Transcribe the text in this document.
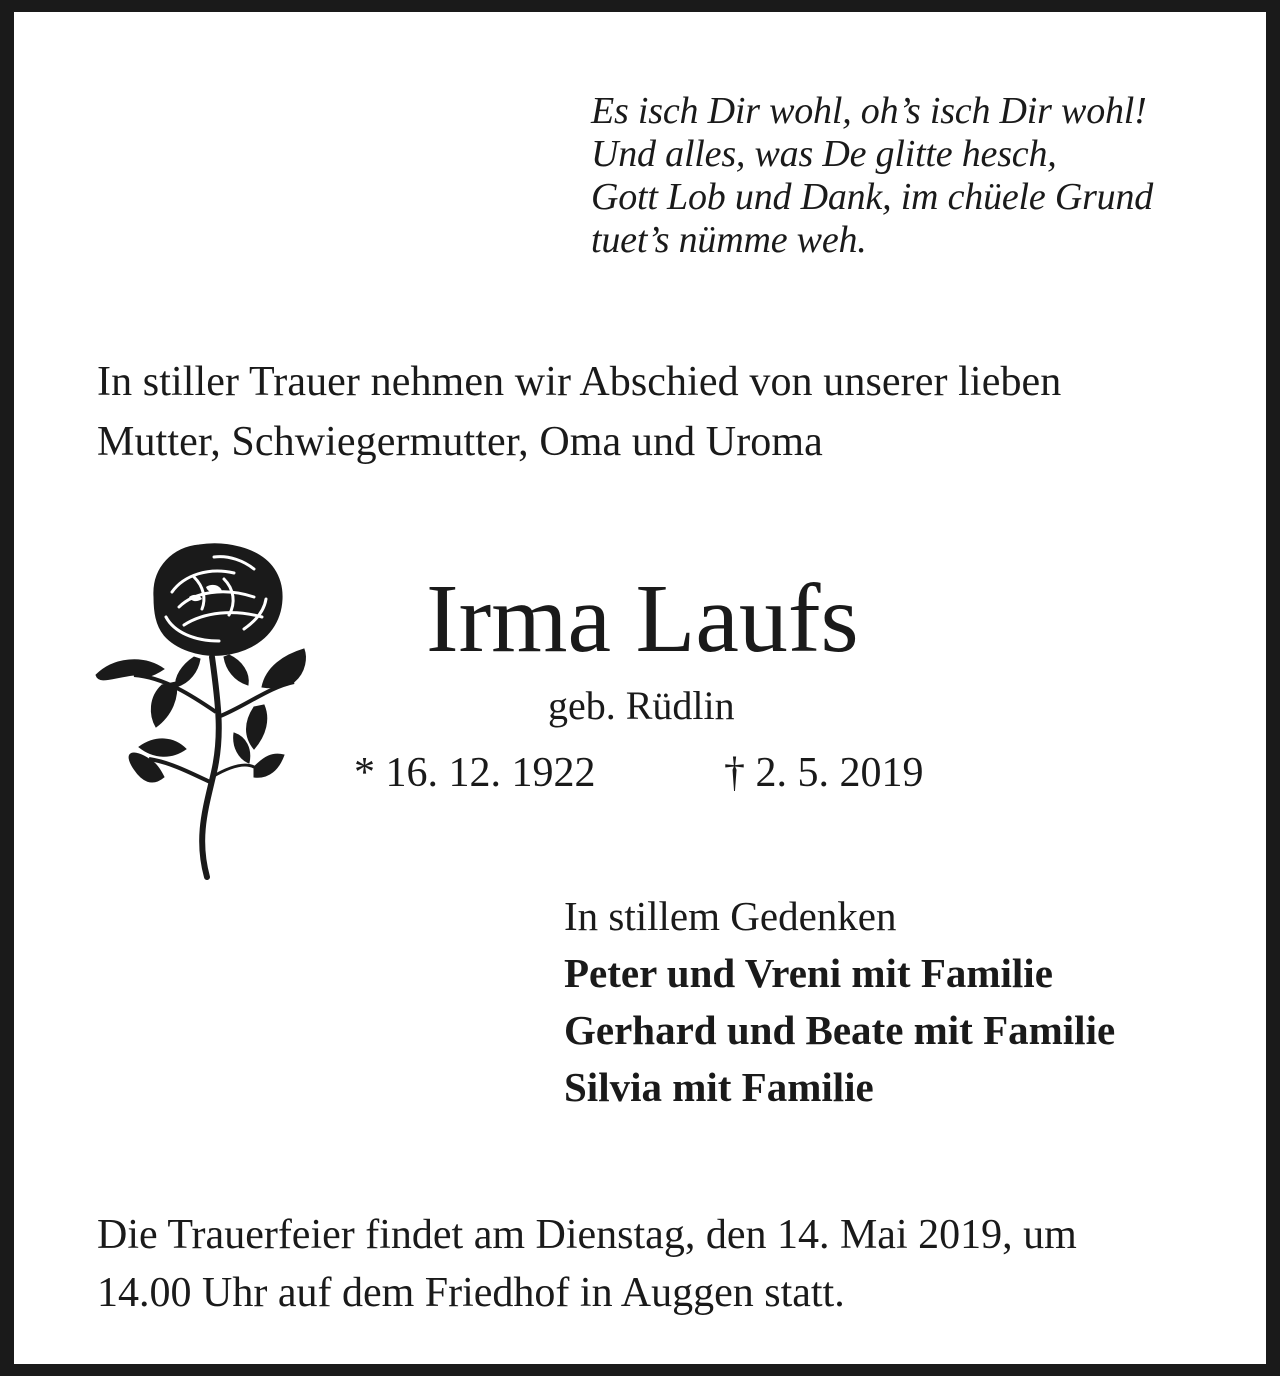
Es isch Dir wohl, oh’s isch Dir wohl!
Und alles, was De glitte hesch,
Gott Lob und Dank, im chüele Grund
tuet’s nümme weh.
In stiller Trauer nehmen wir Abschied von unserer lieben
Mutter, Schwiegermutter, Oma und Uroma
Irma Laufs
geb. Rüdlin
* 16. 12. 1922	† 2. 5. 2019
In stillem Gedenken
Peter und Vreni mit Familie
Gerhard und Beate mit Familie
Silvia mit Familie
Die Trauerfeier findet am Dienstag, den 14. Mai 2019, um
14.00 Uhr auf dem Friedhof in Auggen statt.
